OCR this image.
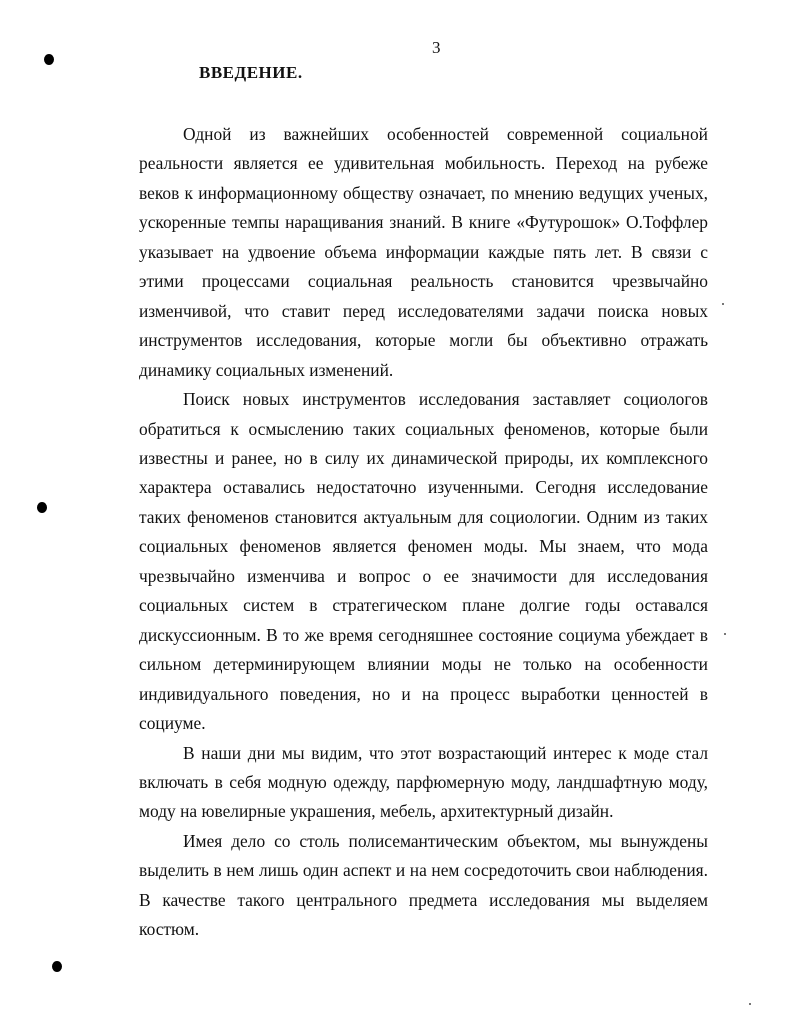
3
ВВЕДЕНИЕ.

Одной из важнейших особенностей современной социальной реальности является ее удивительная мобильность. Переход на рубеже веков к информационному обществу означает, по мнению ведущих ученых, ускоренные темпы наращивания знаний. В книге «Футурошок» О.Тоффлер указывает на удвоение объема информации каждые пять лет. В связи с этими процессами социальная реальность становится чрезвычайно изменчивой, что ставит перед исследователями задачи поиска новых инструментов исследования, которые могли бы объективно отражать динамику социальных изменений.

Поиск новых инструментов исследования заставляет социологов обратиться к осмыслению таких социальных феноменов, которые были известны и ранее, но в силу их динамической природы, их комплексного характера оставались недостаточно изученными. Сегодня исследование таких феноменов становится актуальным для социологии. Одним из таких социальных феноменов является феномен моды. Мы знаем, что мода чрезвычайно изменчива и вопрос о ее значимости для исследования социальных систем в стратегическом плане долгие годы оставался дискуссионным. В то же время сегодняшнее состояние социума убеждает в сильном детерминирующем влиянии моды не только на особенности индивидуального поведения, но и на процесс выработки ценностей в социуме.

В наши дни мы видим, что этот возрастающий интерес к моде стал включать в себя модную одежду, парфюмерную моду, ландшафтную моду, моду на ювелирные украшения, мебель, архитектурный дизайн.

Имея дело со столь полисемантическим объектом, мы вынуждены выделить в нем лишь один аспект и на нем сосредоточить свои наблюдения. В качестве такого центрального предмета исследования мы выделяем костюм.
